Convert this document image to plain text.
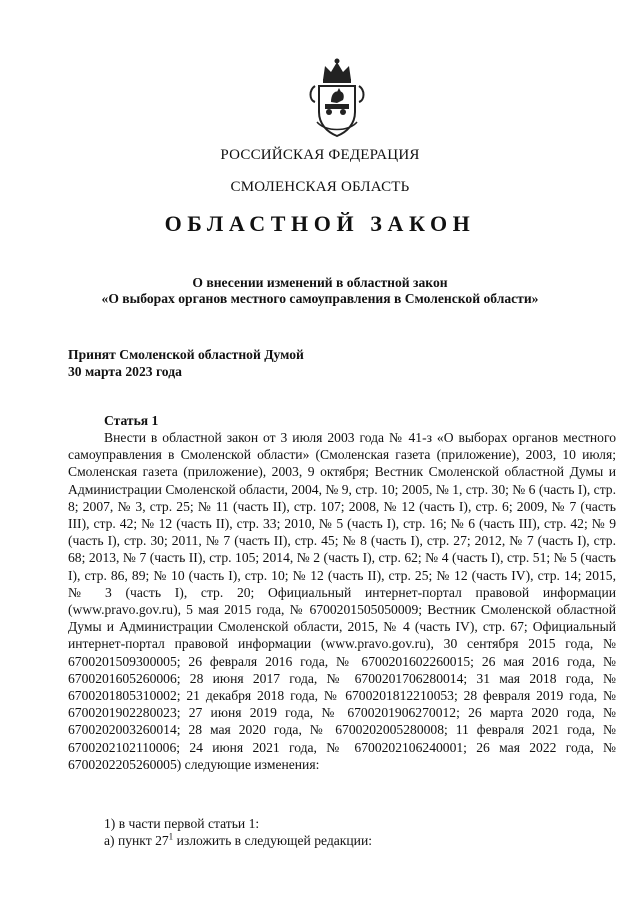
РОССИЙСКАЯ ФЕДЕРАЦИЯ
СМОЛЕНСКАЯ ОБЛАСТЬ
ОБЛАСТНОЙ ЗАКОН
О внесении изменений в областной закон
«О выборах органов местного самоуправления в Смоленской области»
Принят Смоленской областной Думой
30 марта 2023 года
Статья 1

Внести в областной закон от 3 июля 2003 года № 41-з «О выборах органов местного самоуправления в Смоленской области» (Смоленская газета (приложение), 2003, 10 июля; Смоленская газета (приложение), 2003, 9 октября; Вестник Смоленской областной Думы и Администрации Смоленской области, 2004, № 9, стр. 10; 2005, № 1, стр. 30; № 6 (часть I), стр. 8; 2007, № 3, стр. 25; № 11 (часть II), стр. 107; 2008, № 12 (часть I), стр. 6; 2009, № 7 (часть III), стр. 42; № 12 (часть II), стр. 33; 2010, № 5 (часть I), стр. 16; № 6 (часть III), стр. 42; № 9 (часть I), стр. 30; 2011, № 7 (часть II), стр. 45; № 8 (часть I), стр. 27; 2012, № 7 (часть I), стр. 68; 2013, № 7 (часть II), стр. 105; 2014, № 2 (часть I), стр. 62; № 4 (часть I), стр. 51; № 5 (часть I), стр. 86, 89; № 10 (часть I), стр. 10; № 12 (часть II), стр. 25; № 12 (часть IV), стр. 14; 2015, № 3 (часть I), стр. 20; Официальный интернет-портал правовой информации (www.pravo.gov.ru), 5 мая 2015 года, № 6700201505050009; Вестник Смоленской областной Думы и Администрации Смоленской области, 2015, № 4 (часть IV), стр. 67; Официальный интернет-портал правовой информации (www.pravo.gov.ru), 30 сентября 2015 года, № 6700201509300005; 26 февраля 2016 года, № 6700201602260015; 26 мая 2016 года, № 6700201605260006; 28 июня 2017 года, № 6700201706280014; 31 мая 2018 года, № 6700201805310002; 21 декабря 2018 года, № 6700201812210053; 28 февраля 2019 года, № 6700201902280023; 27 июня 2019 года, № 6700201906270012; 26 марта 2020 года, № 6700202003260014; 28 мая 2020 года, № 6700202005280008; 11 февраля 2021 года, № 6700202102110006; 24 июня 2021 года, № 6700202106240001; 26 мая 2022 года, № 6700202205260005) следующие изменения:

1) в части первой статьи 1:
а) пункт $27^1$ изложить в следующей редакции:
